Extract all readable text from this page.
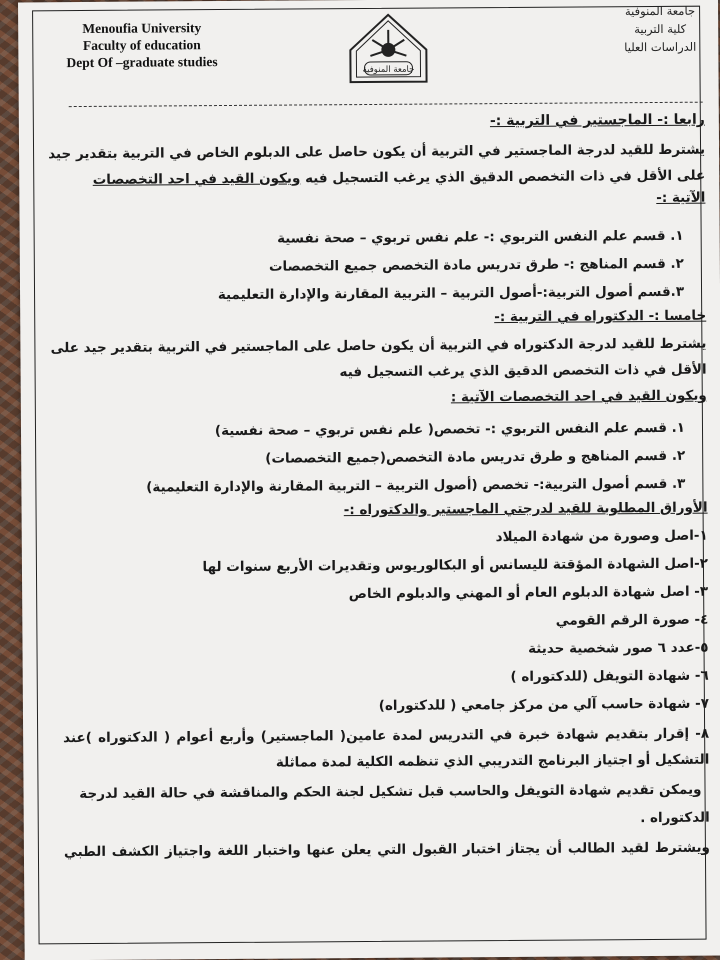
Menoufia University
Faculty of education
Dept Of –graduate studies	جامعة المنوفية
جامعة المنوفية
كلية التربية
الدراسات العليا
رابعا :- الماجستير في التربية :-
يشترط للقيد لدرجة الماجستير في التربية أن يكون حاصل على الدبلوم الخاص في التربية بتقدير جيد
على الأقل في ذات التخصص الدقيق الذي يرغب التسجيل فيه ويكون القيد في احد التخصصات
الآتية :-
١. قسم علم النفس التربوي :- علم نفس تربوي – صحة نفسية
٢. قسم المناهج :- طرق تدريس مادة التخصص جميع التخصصات
٣.قسم أصول التربية:-أصول التربية – التربية المقارنة والإدارة التعليمية
خامسا :- الدكتوراه في التربية :-
يشترط للقيد لدرجة الدكتوراه في التربية أن يكون حاصل على الماجستير في التربية بتقدير جيد على
الأقل في ذات التخصص الدقيق الذي يرغب التسجيل فيه
ويكون القيد في احد التخصصات الآتية :
١. قسم علم النفس التربوي :- تخصص( علم نفس تربوي – صحة نفسية)
٢. قسم المناهج و طرق تدريس مادة التخصص(جميع التخصصات)
٣. قسم أصول التربية:- تخصص (أصول التربية – التربية المقارنة والإدارة التعليمية)
الأوراق المطلوبة للقيد لدرجتي الماجستير والدكتوراه :-
١-اصل وصورة من شهادة الميلاد
٢-اصل الشهادة المؤقتة لليسانس أو البكالوريوس وتقديرات الأربع سنوات لها
٣- اصل شهادة الدبلوم العام أو المهني والدبلوم الخاص
٤- صورة الرقم القومي
٥-عدد ٦ صور شخصية حديثة
٦- شهادة التويفل (للدكتوراه )
٧- شهادة حاسب آلي من مركز جامعي ( للدكتوراه)
٨- إقرار بتقديم شهادة خبرة في التدريس لمدة عامين( الماجستير) وأربع أعوام ( الدكتوراه )عند
التشكيل أو اجتياز البرنامج التدريبي الذي تنظمه الكلية لمدة مماثلة
ويمكن تقديم شهادة التويفل والحاسب قبل تشكيل لجنة الحكم والمناقشة في حالة القيد لدرجة
الدكتوراه .
ويشترط لقيد الطالب أن يجتاز اختبار القبول التي يعلن عنها واختبار اللغة واجتياز الكشف الطبي
